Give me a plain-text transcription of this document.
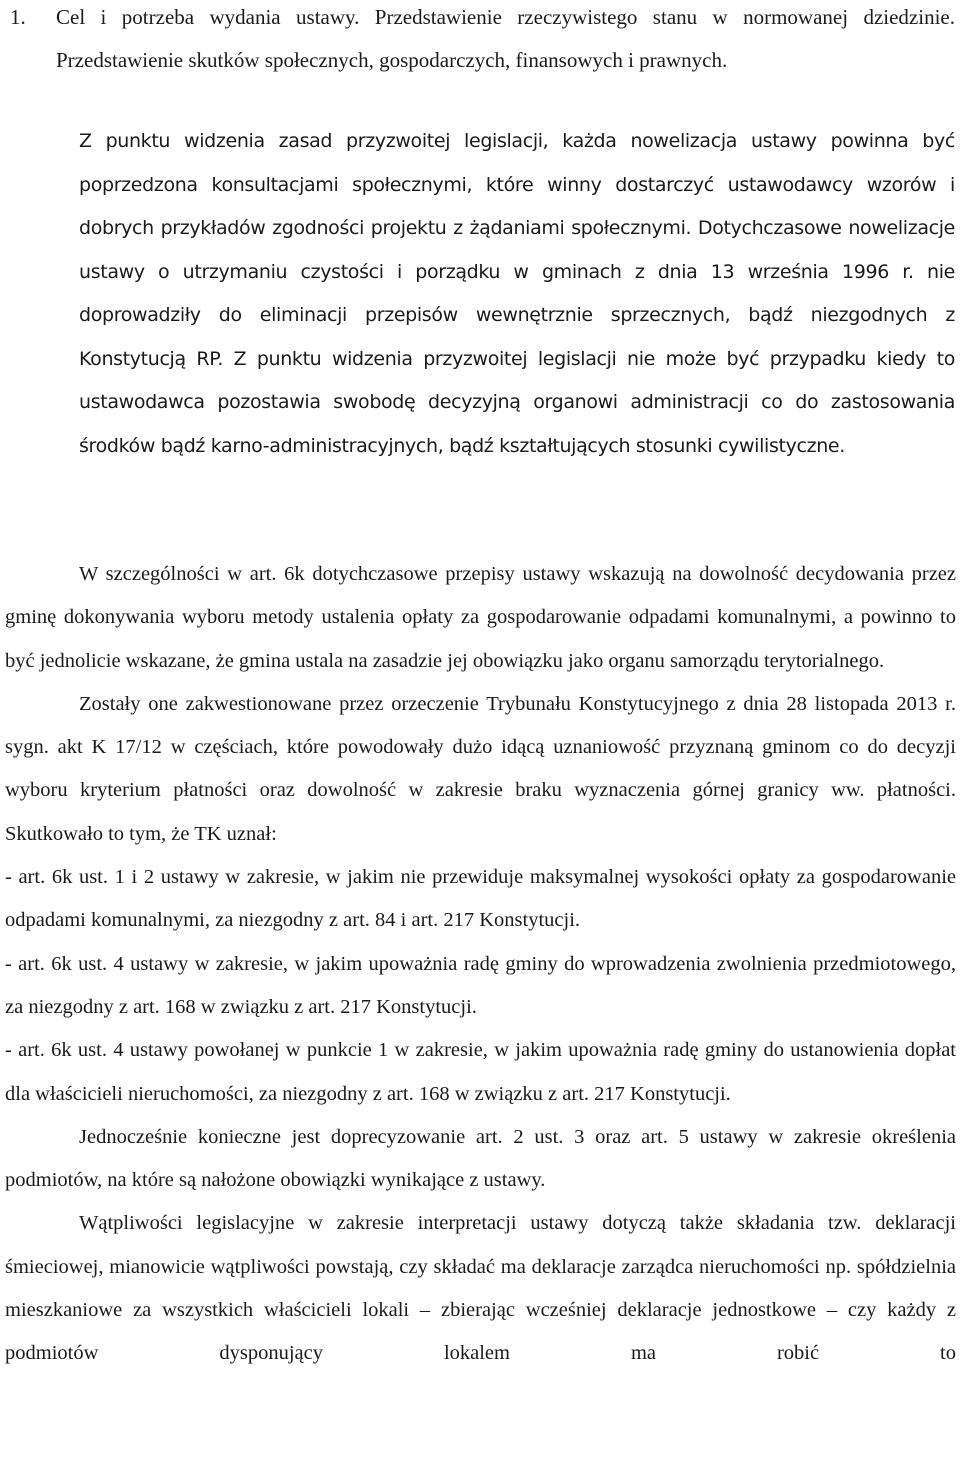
1.	Cel i potrzeba wydania ustawy. Przedstawienie rzeczywistego stanu w normowanej dziedzinie. Przedstawienie skutków społecznych, gospodarczych, finansowych i prawnych.
Z punktu widzenia zasad przyzwoitej legislacji, każda nowelizacja ustawy powinna być poprzedzona konsultacjami społecznymi, które winny dostarczyć ustawodawcy wzorów i dobrych przykładów zgodności projektu z żądaniami społecznymi. Dotychczasowe nowelizacje ustawy o utrzymaniu czystości i porządku w gminach z dnia 13 września 1996 r. nie doprowadziły do eliminacji przepisów wewnętrznie sprzecznych, bądź niezgodnych z Konstytucją RP. Z punktu widzenia przyzwoitej legislacji nie może być przypadku kiedy to ustawodawca pozostawia swobodę decyzyjną organowi administracji co do zastosowania środków bądź karno-administracyjnych, bądź kształtujących stosunki cywilistyczne.

W szczególności w art. 6k dotychczasowe przepisy ustawy wskazują na dowolność decydowania przez gminę dokonywania wyboru metody ustalenia opłaty za gospodarowanie odpadami komunalnymi, a powinno to być jednolicie wskazane, że gmina ustala na zasadzie jej obowiązku jako organu samorządu terytorialnego.

Zostały one zakwestionowane przez orzeczenie Trybunału Konstytucyjnego z dnia 28 listopada 2013 r. sygn. akt K 17/12 w częściach, które powodowały dużo idącą uznaniowość przyznaną gminom co do decyzji wyboru kryterium płatności oraz dowolność w zakresie braku wyznaczenia górnej granicy ww. płatności. Skutkowało to tym, że TK uznał:

- art. 6k ust. 1 i 2 ustawy w zakresie, w jakim nie przewiduje maksymalnej wysokości opłaty za gospodarowanie odpadami komunalnymi, za niezgodny z art. 84 i art. 217 Konstytucji.

- art. 6k ust. 4 ustawy w zakresie, w jakim upoważnia radę gminy do wprowadzenia zwolnienia przedmiotowego, za niezgodny z art. 168 w związku z art. 217 Konstytucji.

- art. 6k ust. 4 ustawy powołanej w punkcie 1 w zakresie, w jakim upoważnia radę gminy do ustanowienia dopłat dla właścicieli nieruchomości, za niezgodny z art. 168 w związku z art. 217 Konstytucji.

Jednocześnie konieczne jest doprecyzowanie art. 2 ust. 3 oraz art. 5 ustawy w zakresie określenia podmiotów, na które są nałożone obowiązki wynikające z ustawy.

Wątpliwości legislacyjne w zakresie interpretacji ustawy dotyczą także składania tzw. deklaracji śmieciowej, mianowicie wątpliwości powstają, czy składać ma deklaracje zarządca nieruchomości np. spółdzielnia mieszkaniowe za wszystkich właścicieli lokali – zbierając wcześniej deklaracje jednostkowe – czy każdy z podmiotów dysponujący lokalem ma robić to
